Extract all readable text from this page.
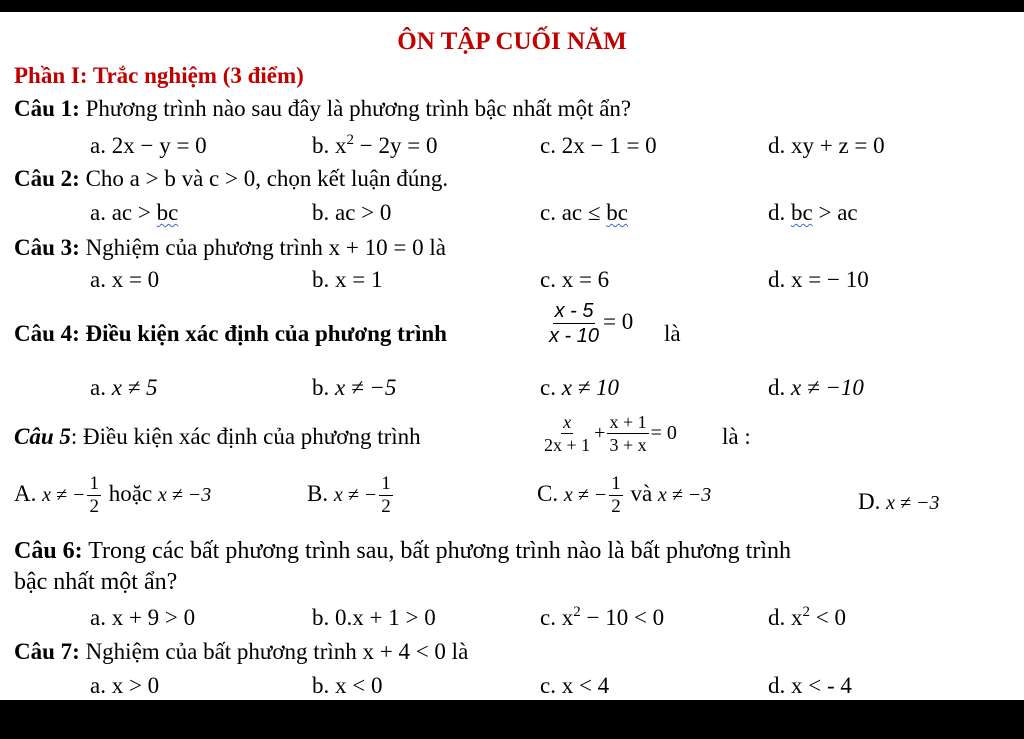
ÔN TẬP CUỐI NĂM
Phần I: Trắc nghiệm (3 điểm)
Câu 1: Phương trình nào sau đây là phương trình bậc nhất một ẩn?
a. 2x − y = 0	b. $x^2 - 2y = 0$	c. 2x − 1 = 0	d. xy + z = 0
Câu 2: Cho a > b và c > 0, chọn kết luận đúng.
a. ac > bc	b. ac > 0	c. ac ≤ bc	d. bc > ac
Câu 3: Nghiệm của phương trình x + 10 = 0 là
a. x = 0	b. x = 1	c. x = 6	d. x = − 10
Câu 4: Điều kiện xác định của phương trình	$\frac{x - 5}{x - 10} = 0$ là
a. x ≠ 5	b. x ≠ −5	c. x ≠ 10	d. x ≠ −10
Câu 5: Điều kiện xác định của phương trình	$\frac{x}{2x + 1} + \frac{x + 1}{3 + x} = 0$ là :
A. x ≠ − $\frac{1}{2}$ hoặc x ≠ −3	B. x ≠ − $\frac{1}{2}$	C. x ≠ − $\frac{1}{2}$ và x ≠ −3	D. x ≠ −3
Câu 6: Trong các bất phương trình sau, bất phương trình nào là bất phương trình
bậc nhất một ẩn?
a. x + 9 > 0	b. 0.x + 1 > 0	c. $x^2 - 10 < 0$	d. $x^2 < 0$
Câu 7: Nghiệm của bất phương trình x + 4 < 0 là
a. x > 0	b. x < 0	c. x < 4	d. x < - 4
